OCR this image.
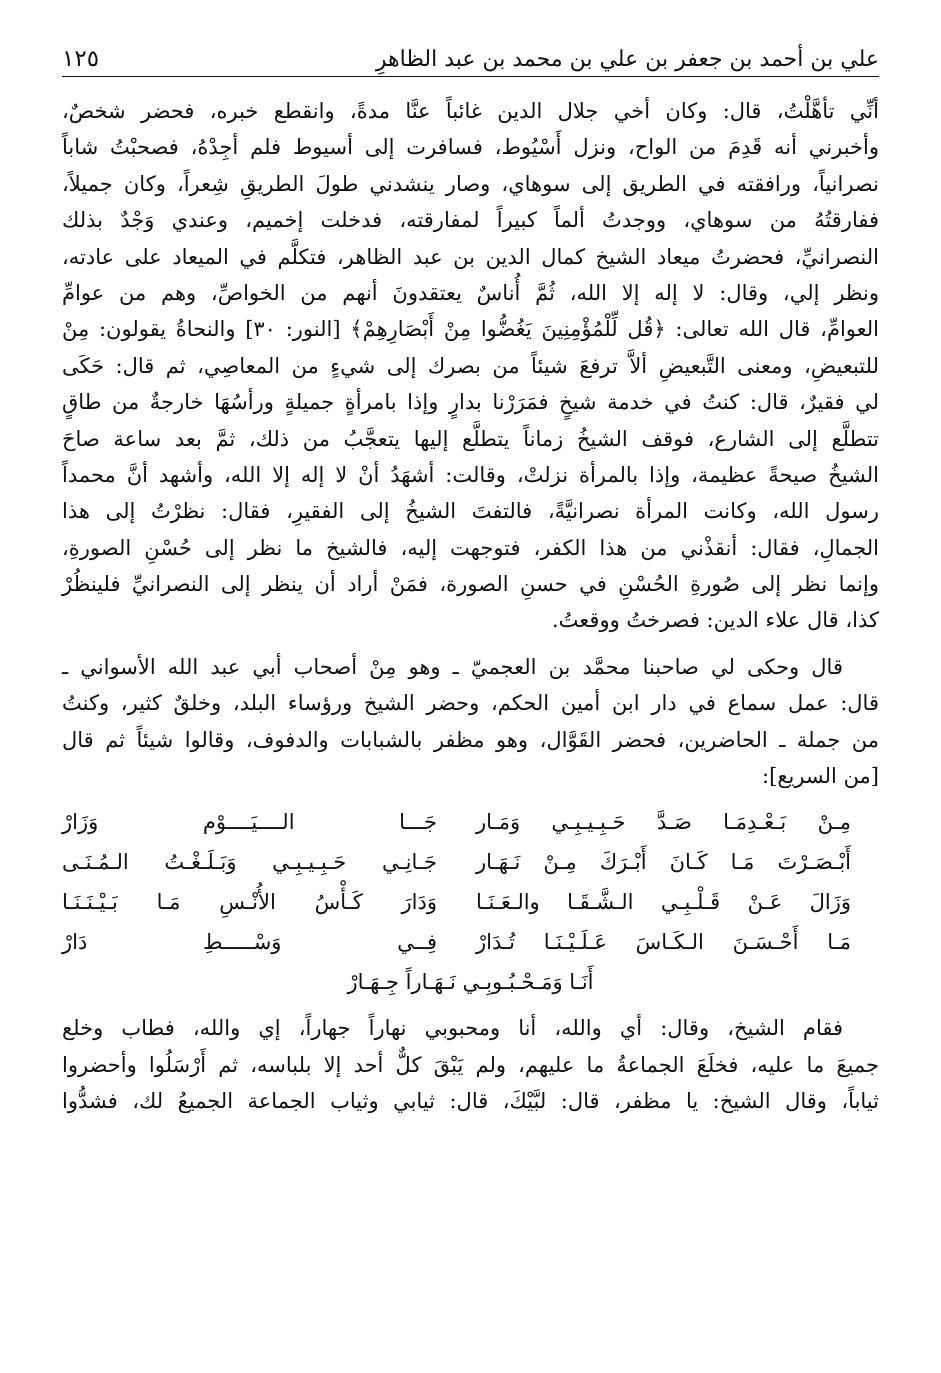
علي بن أحمد بن جعفر بن علي بن محمد بن عبد الظاهرِ
١٢٥
أنِّي تأهَّلْتُ، قال: وكان أخي جلال الدين غائباً عنَّا مدةً، وانقطع خبره، فحضر شخصٌ،
وأخبرني أنه قَدِمَ من الواح، ونزل أَسْيُوط، فسافرت إلى أسيوط فلم أجِدْهُ، فصحبْتُ شاباً
نصرانياً، ورافقته في الطريق إلى سوهاي، وصار ينشدني طولَ الطريقِ شِعراً، وكان جميلاً،
ففارقتُهُ من سوهاي، ووجدتُ ألماً كبيراً لمفارقته، فدخلت إخميم، وعندي وَجْدٌ بذلك
النصرانيِّ، فحضرتُ ميعاد الشيخ كمال الدين بن عبد الظاهر، فتكلَّم في الميعاد على عادته،
ونظر إلي، وقال: لا إله إلا الله، ثُمَّ أُناسٌ يعتقدونَ أنهم من الخواصِّ، وهم من عوامِّ
العوامِّ، قال الله تعالى: ﴿قُل لِّلْمُؤْمِنِينَ يَغُضُّوا مِنْ أَبْصَارِهِمْ﴾ [النور: ٣٠] والنحاةُ يقولون: مِنْ
للتبعيضِ، ومعنى التَّبعيضِ ألاَّ ترفعَ شيئاً من بصرك إلى شيءٍ من المعاصِي، ثم قال: حَكَى
لي فقيرٌ، قال: كنتُ في خدمة شيخٍ فمَرَرْنا بدارٍ وإذا بامرأةٍ جميلةٍ ورأسُهَا خارجةٌ من طاقٍ
تتطلَّع إلى الشارع، فوقف الشيخُ زماناً يتطلَّع إليها يتعجَّبُ من ذلك، ثمَّ بعد ساعة صاحَ
الشيخُ صيحةً عظيمة، وإذا بالمرأة نزلتْ، وقالت: أشهَدُ أنْ لا إله إلا الله، وأشهد أنَّ محمداً
رسول الله، وكانت المرأة نصرانيَّةً، فالتفتَ الشيخُ إلى الفقيرِ، فقال: نظرْتُ إلى هذا
الجمالِ، فقال: أنقذْني من هذا الكفر، فتوجهت إليه، فالشيخ ما نظر إلى حُسْنِ الصورةِ،
وإنما نظر إلى صُورةِ الحُسْنِ في حسنِ الصورة، فمَنْ أراد أن ينظر إلى النصرانيِّ فلينظُرْ
كذا، قال علاء الدين: فصرختُ ووقعتُ.
قال وحكى لي صاحبنا محمَّد بن العجميّ ـ وهو مِنْ أصحاب أبي عبد الله الأسواني ـ
قال: عمل سماع في دار ابن أمين الحكم، وحضر الشيخ ورؤساء البلد، وخلقٌ كثير، وكنتُ
من جملة ـ الحاضرين، فحضر القَوَّال، وهو مظفر بالشبابات والدفوف، وقالوا شيئاً ثم قال
[من السريع]:
مِـنْ بَـعْـدِمَـا صَـدَّ حَـبِـيـبِـي وَمَـار
جَـــا الــــيَــــوْم وَزَارْ
أَبْـصَـرْتَ مَـا كَـانَ أَبْـرَكَ مِـنْ نَـهَـار
جَـانِـي حَـبِـيـبِـي وَبَـلَـغْـتُ الـمُـنَـى
وَزَالَ عَـنْ قَـلْـبِـي الـشَّـقَـا والـعَـنَـا
وَدَارَ كَـأْسُ الأُنْـسِ مَـا بَـيْـنَـنَـا
مَـا أَحْـسَـنَ الـكَـاسَ عَـلَـيْـنَـا تُـدَارْ
فِــي وَسْـــــطِ دَارْ
أَنَـا وَمَـحْـبُـوبِـي نَـهَـاراً جِـهَـارْ
فقام الشيخ، وقال: أي والله، أنا ومحبوبي نهاراً جهاراً، إي والله، فطاب وخلع
جميعَ ما عليه، فخلَعَ الجماعةُ ما عليهم، ولم يَبْقَ كلٌّ أحد إلا بلباسه، ثم أَرْسَلُوا وأحضروا
ثياباً، وقال الشيخ: يا مظفر، قال: لبَّيْكَ، قال: ثيابي وثياب الجماعة الجميعُ لك، فشدُّوا
